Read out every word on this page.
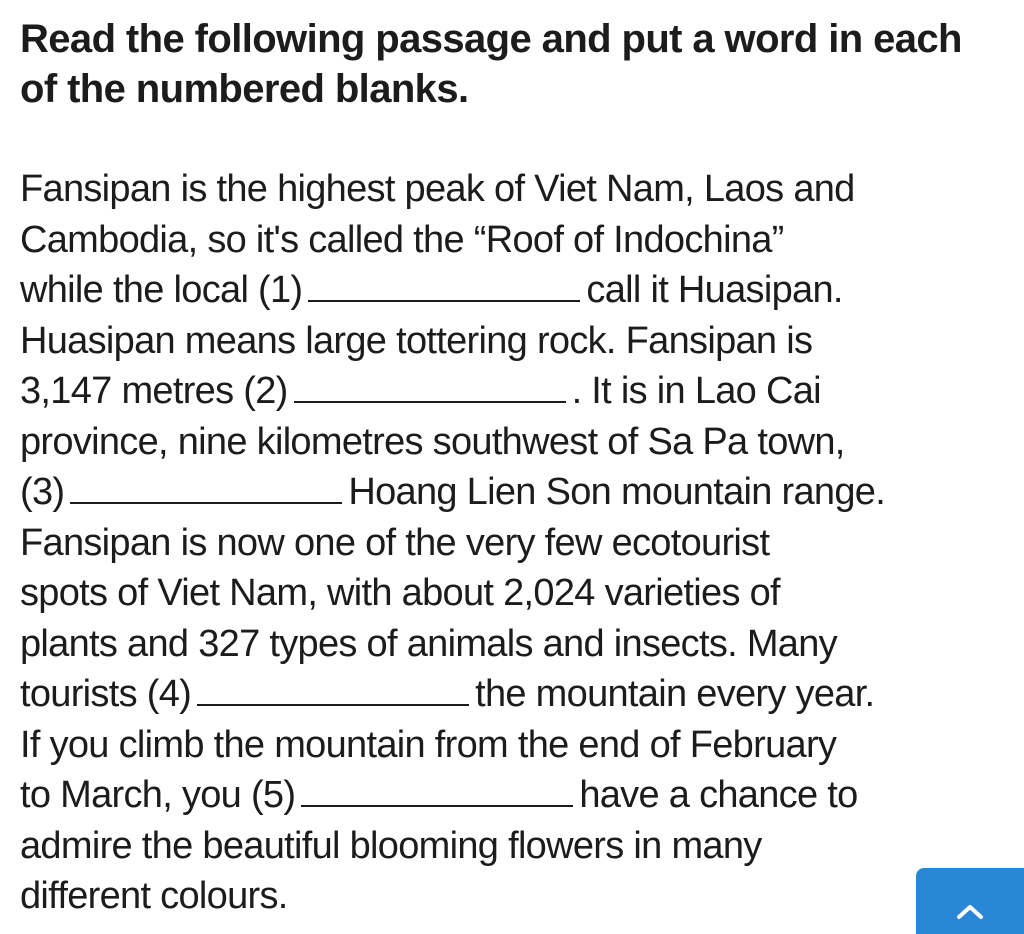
Read the following passage and put a word in each
of the numbered blanks.

Fansipan is the highest peak of Viet Nam, Laos and
Cambodia, so it's called the “Roof of Indochina”
while the local (1)	call it Huasipan.
Huasipan means large tottering rock. Fansipan is
3,147 metres (2)	. It is in Lao Cai
province, nine kilometres southwest of Sa Pa town,
(3)	Hoang Lien Son mountain range.
Fansipan is now one of the very few ecotourist
spots of Viet Nam, with about 2,024 varieties of
plants and 327 types of animals and insects. Many
tourists (4)	the mountain every year.
If you climb the mountain from the end of February
to March, you (5)	have a chance to
admire the beautiful blooming flowers in many
different colours.
